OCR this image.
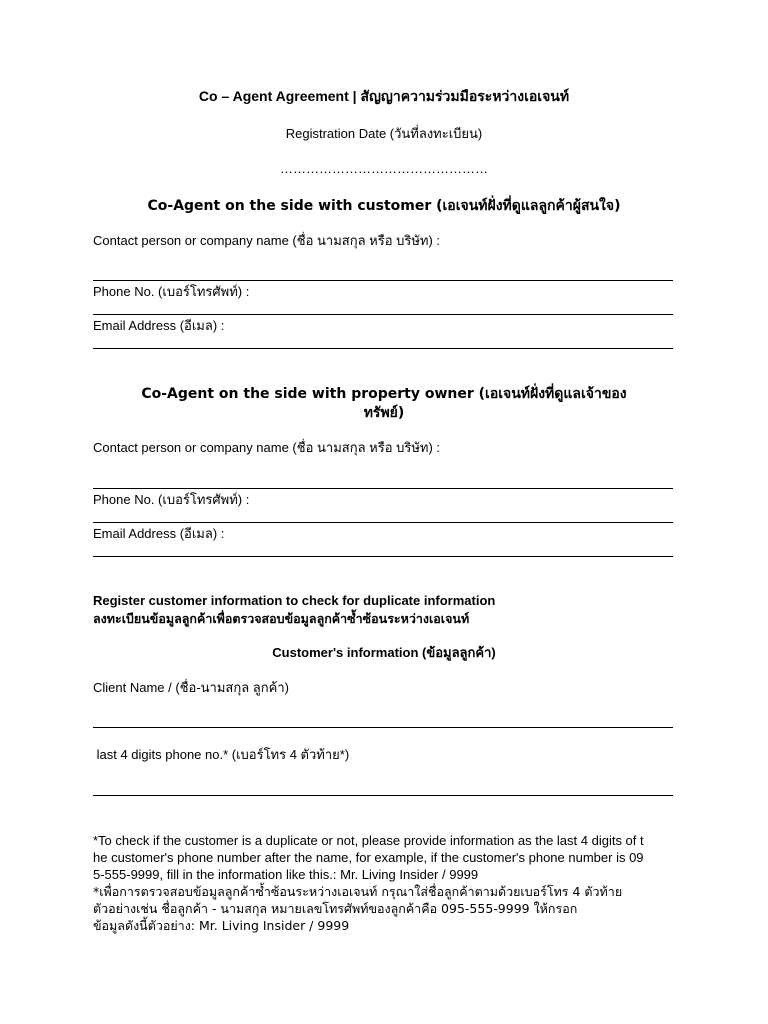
Co – Agent Agreement | สัญญาความร่วมมือระหว่างเอเจนท์
Registration Date (วันที่ลงทะเบียน)
…………………………………………
Co-Agent on the side with customer (เอเจนท์ฝั่งที่ดูแลลูกค้าผู้สนใจ)
Contact person or company name (ชื่อ นามสกุล หรือ บริษัท) :
Phone No. (เบอร์โทรศัพท์) :
Email Address (อีเมล) :
Co-Agent on the side with property owner (เอเจนท์ฝั่งที่ดูแลเจ้าของ
ทรัพย์)
Contact person or company name (ชื่อ นามสกุล หรือ บริษัท) :
Phone No. (เบอร์โทรศัพท์) :
Email Address (อีเมล) :
Register customer information to check for duplicate information
ลงทะเบียนข้อมูลลูกค้าเพื่อตรวจสอบข้อมูลลูกค้าซ้ำซ้อนระหว่างเอเจนท์
Customer's information (ข้อมูลลูกค้า)
Client Name / (ชื่อ-นามสกุล ลูกค้า)
last 4 digits phone no.* (เบอร์โทร 4 ตัวท้าย*)
*To check if the customer is a duplicate or not, please provide information as the last 4 digits of t
he customer's phone number after the name, for example, if the customer's phone number is 09
5-555-9999, fill in the information like this.: Mr. Living Insider / 9999
*เพื่อการตรวจสอบข้อมูลลูกค้าซ้ำซ้อนระหว่างเอเจนท์ กรุณาใส่ชื่อลูกค้าตามด้วยเบอร์โทร 4 ตัวท้าย
ตัวอย่างเช่น ชื่อลูกค้า - นามสกุล หมายเลขโทรศัพท์ของลูกค้าคือ 095-555-9999 ให้กรอก
ข้อมูลดังนี้ตัวอย่าง: Mr. Living Insider / 9999
